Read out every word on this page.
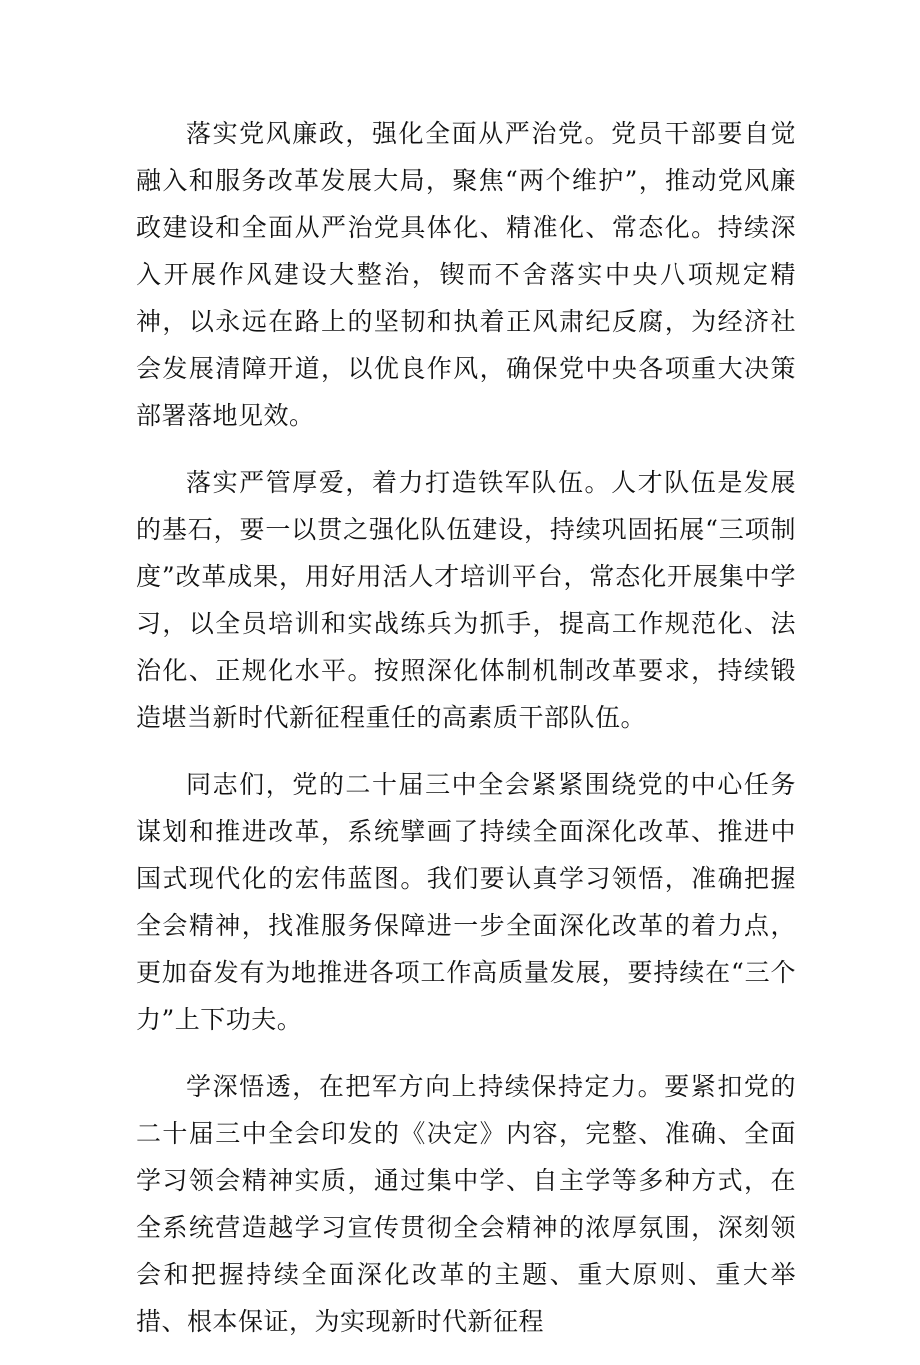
落实党风廉政，强化全面从严治党。党员干部要自觉融入和服务改革发展大局，聚焦“两个维护”，推动党风廉政建设和全面从严治党具体化、精准化、常态化。持续深入开展作风建设大整治，锲而不舍落实中央八项规定精神，以永远在路上的坚韧和执着正风肃纪反腐，为经济社会发展清障开道，以优良作风，确保党中央各项重大决策部署落地见效。

落实严管厚爱，着力打造铁军队伍。人才队伍是发展的基石，要一以贯之强化队伍建设，持续巩固拓展“三项制度”改革成果，用好用活人才培训平台，常态化开展集中学习，以全员培训和实战练兵为抓手，提高工作规范化、法治化、正规化水平。按照深化体制机制改革要求，持续锻造堪当新时代新征程重任的高素质干部队伍。

同志们，党的二十届三中全会紧紧围绕党的中心任务谋划和推进改革，系统擘画了持续全面深化改革、推进中国式现代化的宏伟蓝图。我们要认真学习领悟，准确把握全会精神，找准服务保障进一步全面深化改革的着力点，更加奋发有为地推进各项工作高质量发展，要持续在“三个力”上下功夫。

学深悟透，在把军方向上持续保持定力。要紧扣党的二十届三中全会印发的《决定》内容，完整、准确、全面学习领会精神实质，通过集中学、自主学等多种方式，在全系统营造越学习宣传贯彻全会精神的浓厚氛围，深刻领会和把握持续全面深化改革的主题、重大原则、重大举措、根本保证，为实现新时代新征程
